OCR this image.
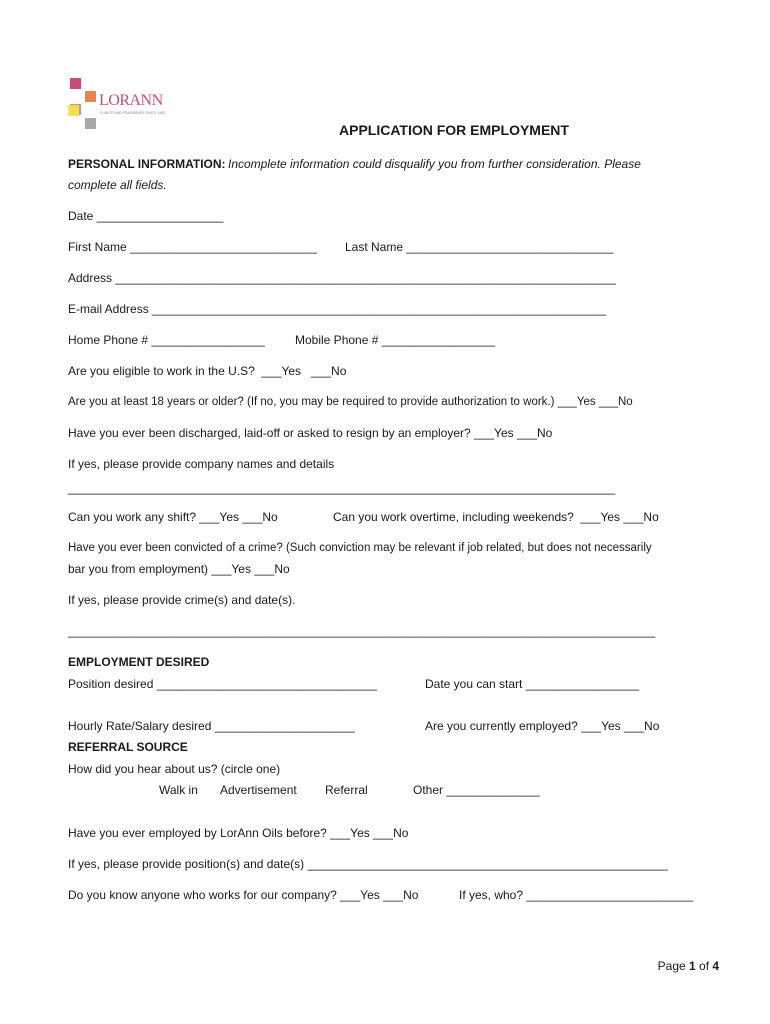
LORANN
FLAVOR AND FRAGRANCE SINCE 1962
APPLICATION FOR EMPLOYMENT
PERSONAL INFORMATION: Incomplete information could disqualify you from further consideration. Please
complete all fields.
Date ___________________
First Name ____________________________ Last Name _______________________________
Address ___________________________________________________________________________
E-mail Address ____________________________________________________________________
Home Phone # _________________	Mobile Phone # _________________
Are you eligible to work in the U.S?  ___Yes   ___No
Are you at least 18 years or older? (If no, you may be required to provide authorization to work.) ___Yes ___No
Have you ever been discharged, laid-off or asked to resign by an employer? ___Yes ___No
If yes, please provide company names and details
__________________________________________________________________________________
Can you work any shift? ___Yes ___No	Can you work overtime, including weekends?  ___Yes ___No
Have you ever been convicted of a crime? (Such conviction may be relevant if job related, but does not necessarily
bar you from employment) ___Yes ___No
If yes, please provide crime(s) and date(s).
________________________________________________________________________________________
EMPLOYMENT DESIRED
Position desired _________________________________	Date you can start _________________
Hourly Rate/Salary desired _____________________	Are you currently employed? ___Yes ___No
REFERRAL SOURCE
How did you hear about us? (circle one)
Walk in Advertisement Referral	Other ______________
Have you ever employed by LorAnn Oils before? ___Yes ___No
If yes, please provide position(s) and date(s) ______________________________________________________
Do you know anyone who works for our company? ___Yes ___No	If yes, who? _________________________

Page 1 of 4
